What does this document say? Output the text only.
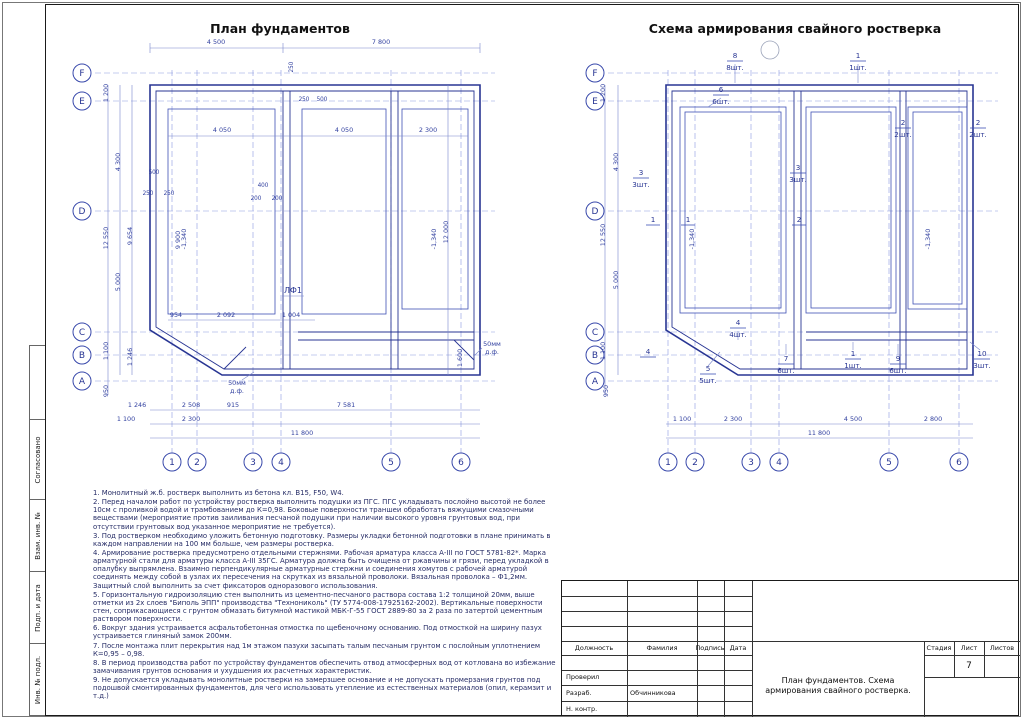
Согласовано
Взам. инв. №
Подп. и дата
Инв. № подл.
План фундаментов
F
E
D
C
B
A
1 2	3 4	5	6
4 500	7 800
250
250 500
4 050	4 050	2 300
1 200
4 300
12 550	9 654
5 000
1 100	1 246
950
9 900
500
250 250
400
200 200
12 000
1 600
-1,340	-1,340
ЛФ1
954	2 092	1 004
50мм
д.ф.
50мм
д.ф.
1 246	2 508	915	7 581
1 100	2 300
11 800
Схема армирования свайного ростверка
F
E
D
C
B
A
1 2	3 4	5	6
8
8шт.
1
1шт.
6
6шт.
2
2шт.
2
2шт.
3
3шт.
3
3шт.
4
4шт.
4
5
5шт.
7
6шт.
1
1шт.
9
6шт.
10
3шт.
1	1	2
1 200
4 300
12 550
5 000
1 100
950
-1,340	-1,340
1 100	2 300	4 500	2 800
11 800
1. Монолитный ж.б. ростверк выполнить из бетона кл. В15, F50, W4.
2. Перед началом работ по устройству ростверка выполнить подушки из ПГС. ПГС укладывать послойно высотой не более 10см с проливкой водой и трамбованием до К=0,98. Боковые поверхности траншеи обработать вяжущими смазочными веществами (мероприятие против заиливания песчаной подушки при наличии высокого уровня грунтовых вод, при отсутствии грунтовых вод указанное мероприятие не требуется).
3. Под ростверком необходимо уложить бетонную подготовку. Размеры укладки бетонной подготовки в плане принимать в каждом направлении на 100 мм больше, чем размеры ростверка.
4. Армирование ростверка предусмотрено отдельными стержнями. Рабочая арматура класса А-III по ГОСТ 5781-82*. Марка арматурной стали для арматуры класса А-III 35ГС. Арматура должна быть очищена от ржавчины и грязи, перед укладкой в опалубку выпрямлена. Взаимно перпендикулярные арматурные стержни и соединения хомутов с рабочей арматурой соединять между собой в узлах их пересечения на скрутках из вязальной проволоки. Вязальная проволока – Ф1,2мм. Защитный слой выполнить за счет фиксаторов одноразового использования.
5. Горизонтальную гидроизоляцию стен выполнить из цементно-песчаного раствора состава 1:2 толщиной 20мм, выше отметки из 2х слоев "Биполь ЭПП" производства "Технониколь" (ТУ 5774-008-17925162-2002). Вертикальные поверхности стен, соприкасающиеся с грунтом обмазать битумной мастикой МБК-Г-55 ГОСТ 2889-80 за 2 раза по затертой цементным раствором поверхности.
6. Вокруг здания устраивается асфальтобетонная отмостка по щебеночному основанию. Под отмосткой на ширину пазух устраивается глиняный замок 200мм.
7. После монтажа плит перекрытия над 1м этажом пазухи засыпать талым песчаным грунтом с послойным уплотнением К=0,95 – 0,98.
8. В период производства работ по устройству фундаментов обеспечить отвод атмосферных вод от котлована во избежание замачивания грунтов основания и ухудшения их расчетных характеристик.
9. Не допускается укладывать монолитные ростверки на замерзшее основание и не допускать промерзания грунтов под подошвой смонтированных фундаментов, для чего использовать утепление из естественных материалов (опил, керамзит и т.д.)
Должность	Фамилия	Подпись Дата
Проверил
Разраб.	Обчинникова
Н. контр.
План фундаментов. Схема армирования свайного ростверка.
Стадия Лист Листов
7
